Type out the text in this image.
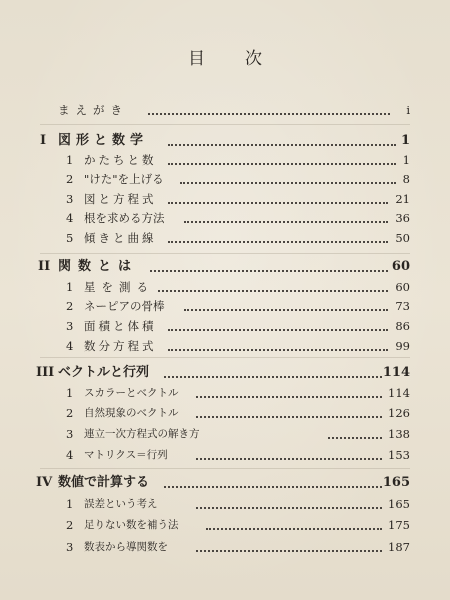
目次
まえがき	i
I 図形と数学	1
1 かたちと数	1
2 "けた"を上げる	8
3 図と方程式	21
4 根を求める方法	36
5 傾きと曲線	50
II 関数とは	60
1 星を測る	60
2 ネーピアの骨棒	73
3 面積と体積	86
4 数分方程式	99
III ベクトルと行列	114
1 スカラーとベクトル	114
2 自然現象のベクトル	126
3 連立一次方程式の解き方	138
4 マトリクス＝行列	153
IV 数値で計算する	165
1 誤差という考え	165
2 足りない数を補う法	175
3 数表から導関数を	187
